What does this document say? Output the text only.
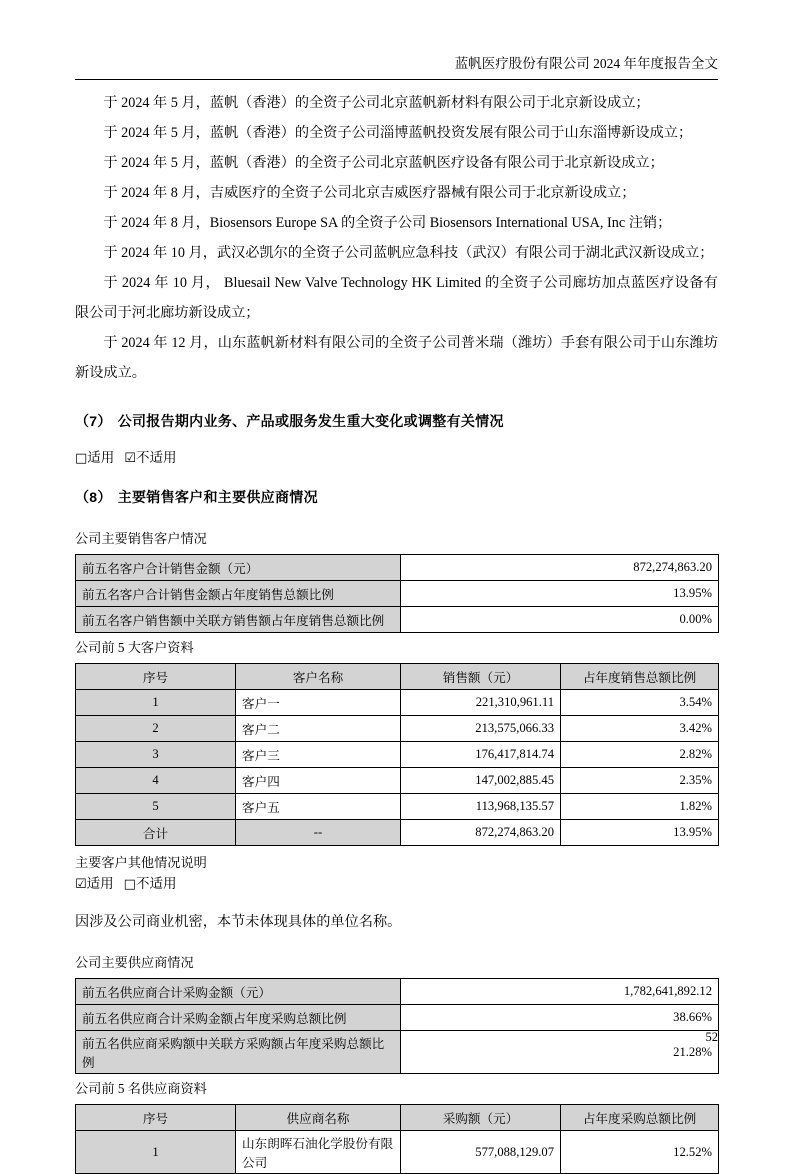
蓝帆医疗股份有限公司 2024 年年度报告全文

于 2024 年 5 月，蓝帆（香港）的全资子公司北京蓝帆新材料有限公司于北京新设成立；

于 2024 年 5 月，蓝帆（香港）的全资子公司淄博蓝帆投资发展有限公司于山东淄博新设成立；

于 2024 年 5 月，蓝帆（香港）的全资子公司北京蓝帆医疗设备有限公司于北京新设成立；

于 2024 年 8 月，吉威医疗的全资子公司北京吉威医疗器械有限公司于北京新设成立；

于 2024 年 8 月，Biosensors Europe SA 的全资子公司 Biosensors International USA, Inc 注销；

于 2024 年 10 月，武汉必凯尔的全资子公司蓝帆应急科技（武汉）有限公司于湖北武汉新设成立；

于 2024 年 10 月， Bluesail New Valve Technology HK Limited 的全资子公司廊坊加点蓝医疗设备有限公司于河北廊坊新设成立；

于 2024 年 12 月，山东蓝帆新材料有限公司的全资子公司普米瑞（潍坊）手套有限公司于山东潍坊新设成立。

（7） 公司报告期内业务、产品或服务发生重大变化或调整有关情况

□适用 ☑不适用

（8） 主要销售客户和主要供应商情况

公司主要销售客户情况

前五名客户合计销售金额（元）	872,274,863.20
前五名客户合计销售金额占年度销售总额比例	13.95%
前五名客户销售额中关联方销售额占年度销售总额比例	0.00%

公司前 5 大客户资料

序号	客户名称	销售额（元）	占年度销售总额比例
1	客户一	221,310,961.11	3.54%
2	客户二	213,575,066.33	3.42%
3	客户三	176,417,814.74	2.82%
4	客户四	147,002,885.45	2.35%
5	客户五	113,968,135.57	1.82%
合计	--	872,274,863.20	13.95%

主要客户其他情况说明

☑适用 □不适用

因涉及公司商业机密，本节未体现具体的单位名称。

公司主要供应商情况

前五名供应商合计采购金额（元）	1,782,641,892.12
前五名供应商合计采购金额占年度采购总额比例	38.66%
前五名供应商采购额中关联方采购额占年度采购总额比例	21.28%

公司前 5 名供应商资料

序号	供应商名称	采购额（元）	占年度采购总额比例
1	山东朗晖石油化学股份有限公司	577,088,129.07	12.52%
52
